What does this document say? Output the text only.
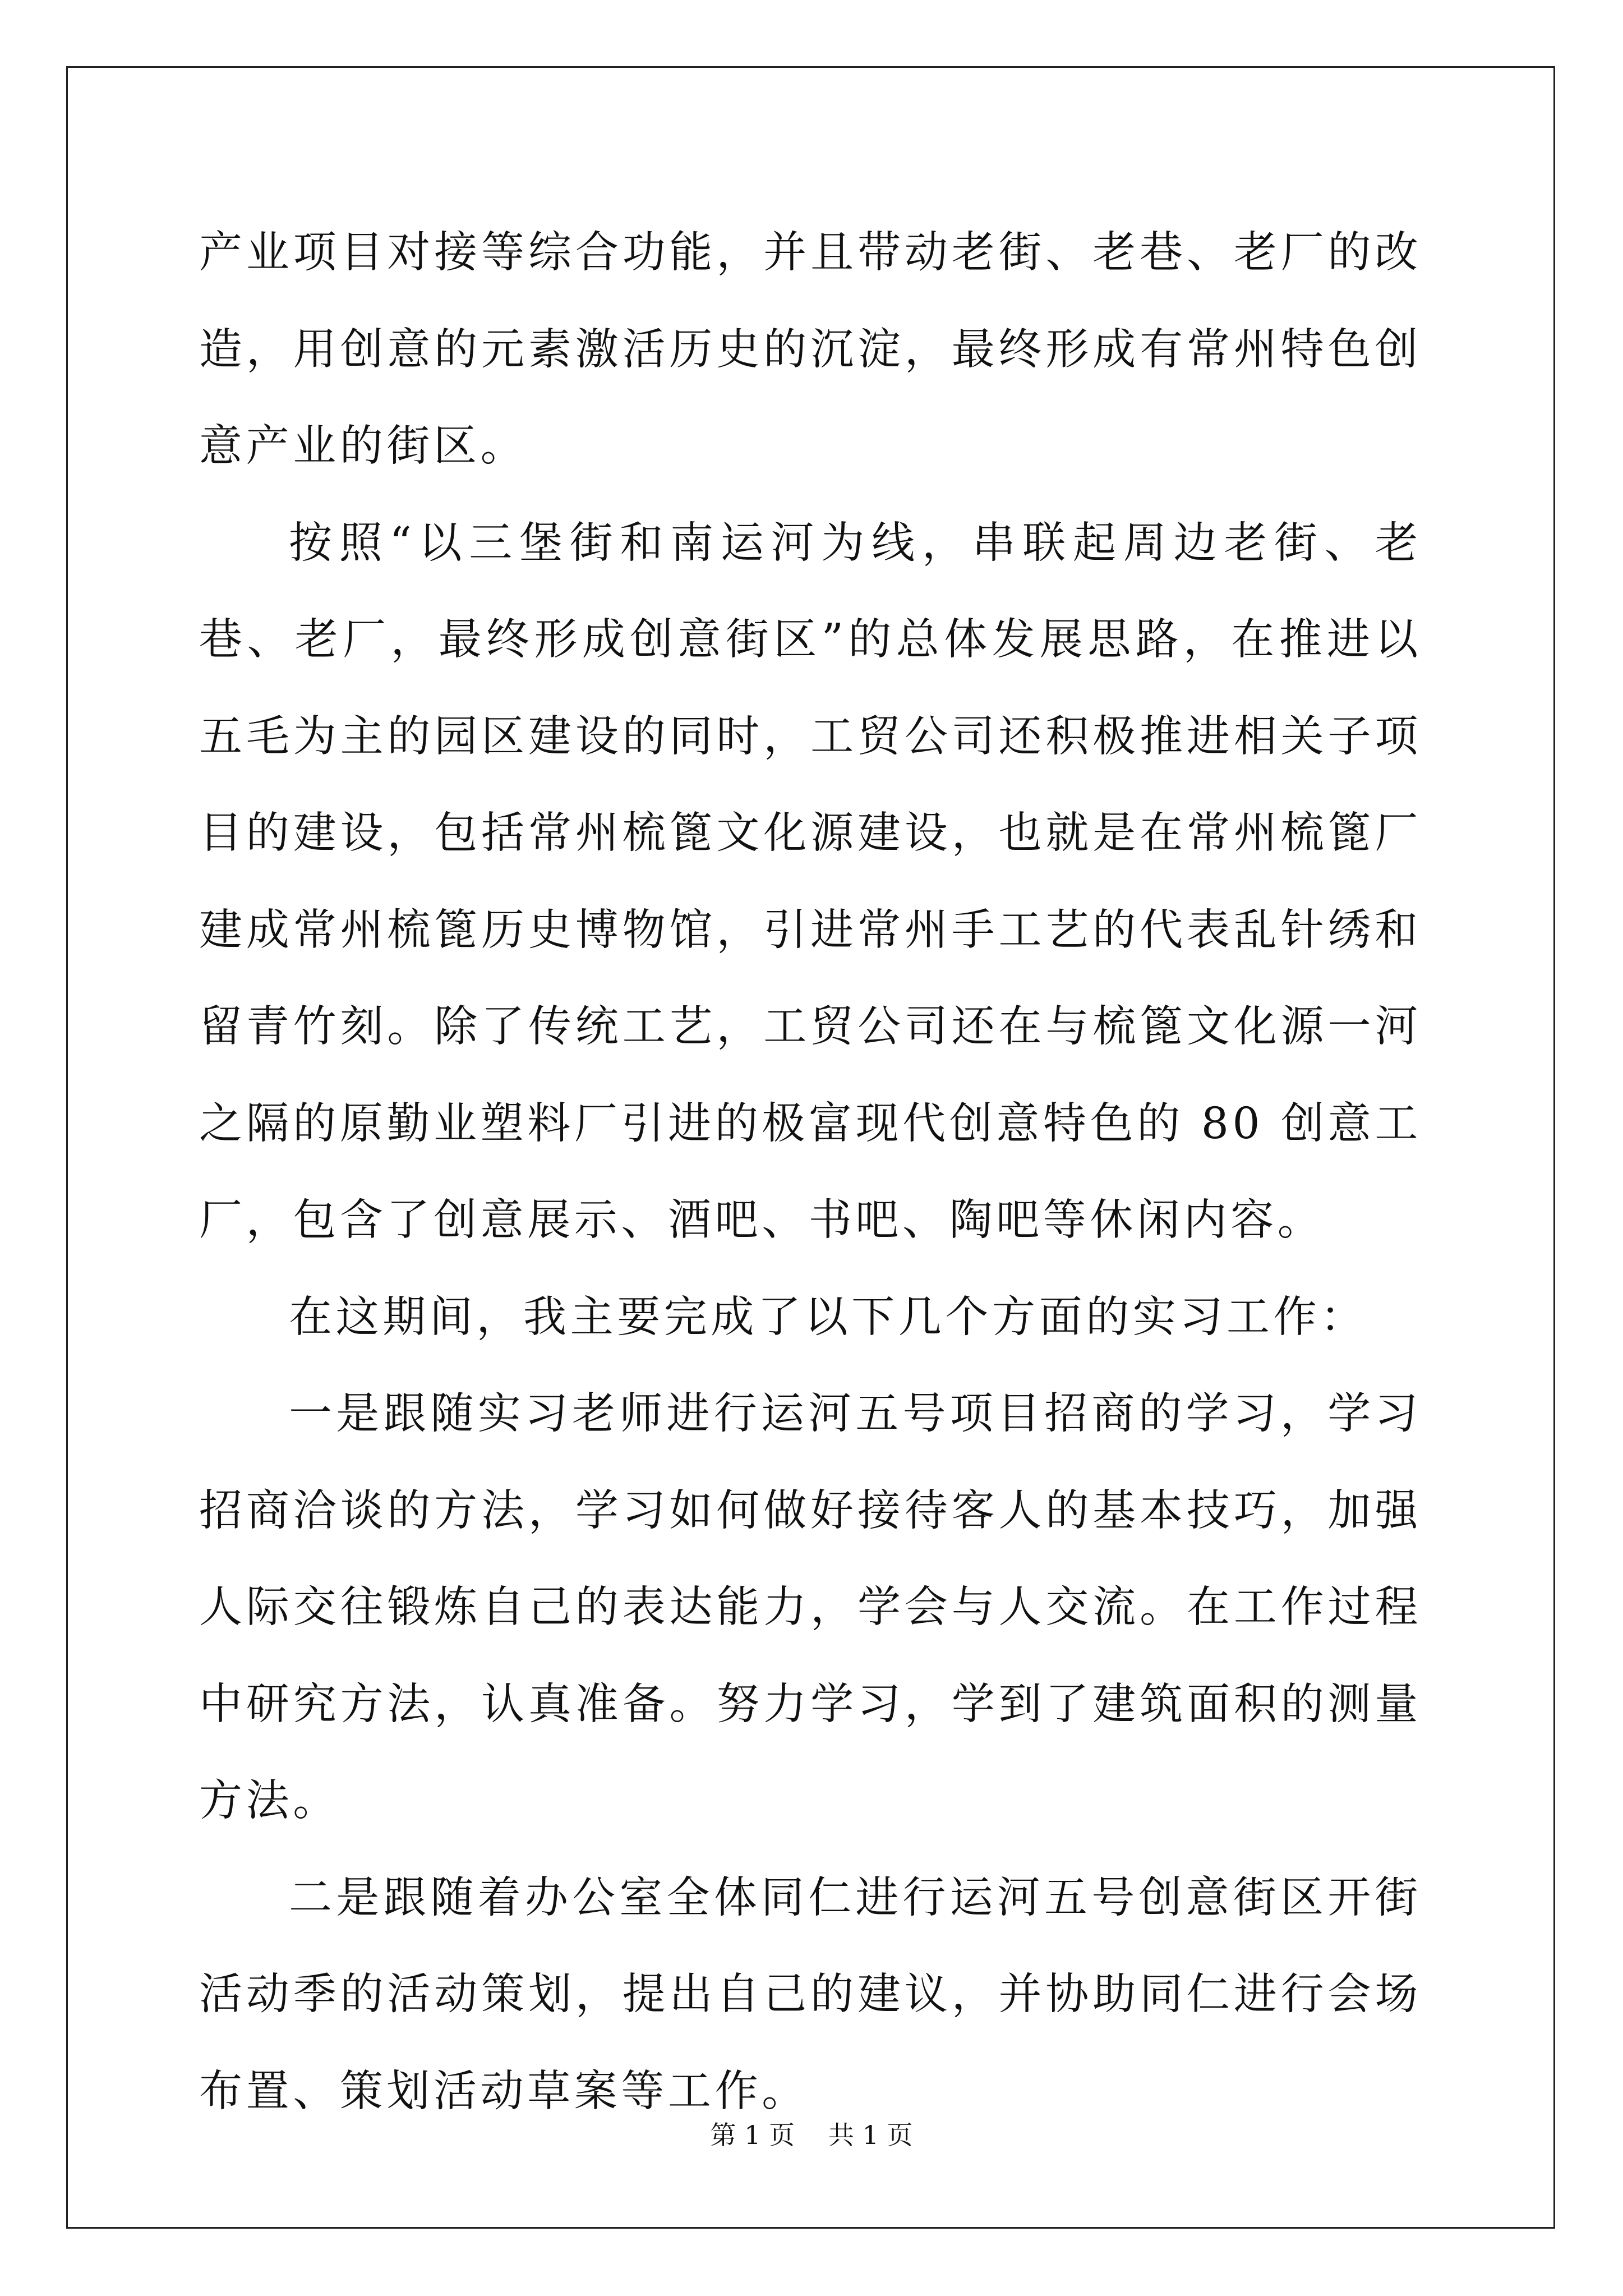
产业项目对接等综合功能，并且带动老街、老巷、老厂的改造，用创意的元素激活历史的沉淀，最终形成有常州特色创意产业的街区。

按照“以三堡街和南运河为线，串联起周边老街、老巷、老厂，最终形成创意街区”的总体发展思路，在推进以五毛为主的园区建设的同时，工贸公司还积极推进相关子项目的建设，包括常州梳篦文化源建设，也就是在常州梳篦厂建成常州梳篦历史博物馆，引进常州手工艺的代表乱针绣和留青竹刻。除了传统工艺，工贸公司还在与梳篦文化源一河之隔的原勤业塑料厂引进的极富现代创意特色的 80 创意工厂，包含了创意展示、酒吧、书吧、陶吧等休闲内容。

在这期间，我主要完成了以下几个方面的实习工作：

一是跟随实习老师进行运河五号项目招商的学习，学习招商洽谈的方法，学习如何做好接待客人的基本技巧，加强人际交往锻炼自己的表达能力，学会与人交流。在工作过程中研究方法，认真准备。努力学习，学到了建筑面积的测量方法。

二是跟随着办公室全体同仁进行运河五号创意街区开街活动季的活动策划，提出自己的建议，并协助同仁进行会场布置、策划活动草案等工作。

第 1 页 共 1 页
